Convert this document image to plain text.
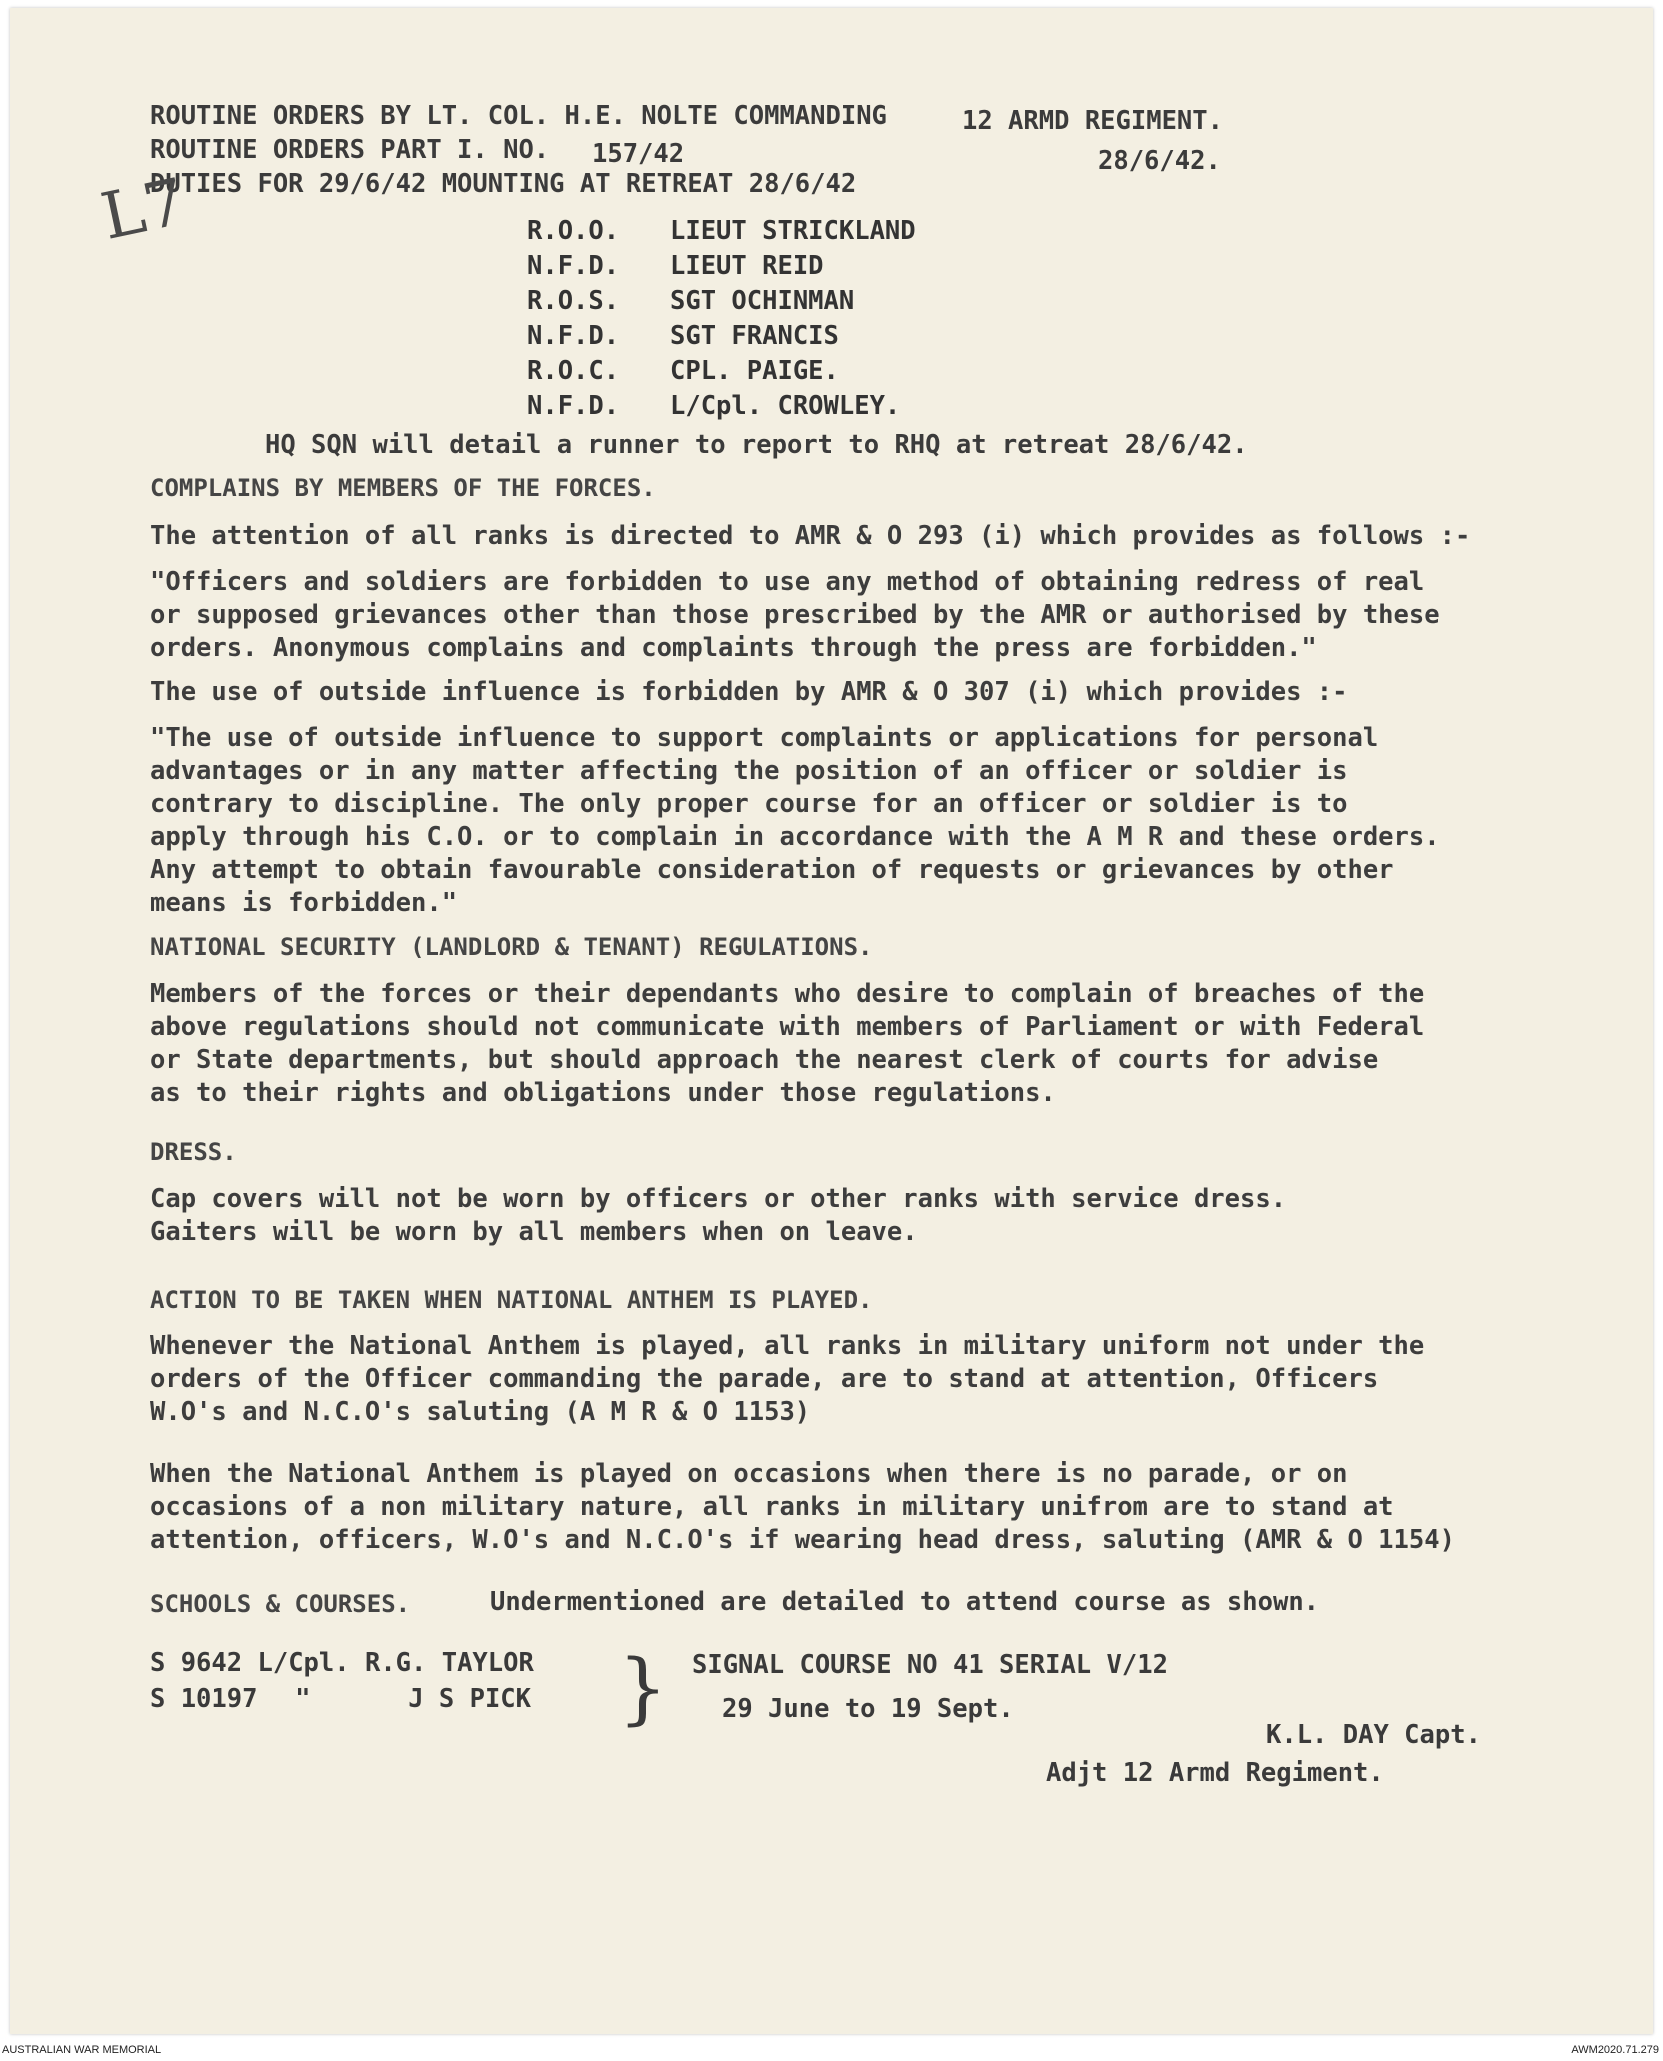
ROUTINE ORDERS BY LT. COL. H.E. NOLTE COMMANDING	12 ARMD REGIMENT.
ROUTINE ORDERS PART I. NO. 157/42	28/6/42.
DUTIES FOR 29/6/42 MOUNTING AT RETREAT 28/6/42
L7	R.O.O. LIEUT STRICKLAND
N.F.D. LIEUT REID
R.O.S. SGT OCHINMAN
N.F.D. SGT FRANCIS
R.O.C. CPL. PAIGE.
N.F.D. L/Cpl. CROWLEY.
HQ SQN will detail a runner to report to RHQ at retreat 28/6/42.
COMPLAINS BY MEMBERS OF THE FORCES.
The attention of all ranks is directed to AMR & O 293 (i) which provides as follows :-
"Officers and soldiers are forbidden to use any method of obtaining redress of real
or supposed grievances other than those prescribed by the AMR or authorised by these
orders. Anonymous complains and complaints through the press are forbidden."
The use of outside influence is forbidden by AMR & O 307 (i) which provides :-
"The use of outside influence to support complaints or applications for personal
advantages or in any matter affecting the position of an officer or soldier is
contrary to discipline. The only proper course for an officer or soldier is to
apply through his C.O. or to complain in accordance with the A M R and these orders.
Any attempt to obtain favourable consideration of requests or grievances by other
means is forbidden."
NATIONAL SECURITY (LANDLORD & TENANT) REGULATIONS.
Members of the forces or their dependants who desire to complain of breaches of the
above regulations should not communicate with members of Parliament or with Federal
or State departments, but should approach the nearest clerk of courts for advise
as to their rights and obligations under those regulations.
DRESS.
Cap covers will not be worn by officers or other ranks with service dress.
Gaiters will be worn by all members when on leave.
ACTION TO BE TAKEN WHEN NATIONAL ANTHEM IS PLAYED.
Whenever the National Anthem is played, all ranks in military uniform not under the
orders of the Officer commanding the parade, are to stand at attention, Officers
W.O's and N.C.O's saluting (A M R & O 1153)
When the National Anthem is played on occasions when there is no parade, or on
occasions of a non military nature, all ranks in military unifrom are to stand at
attention, officers, W.O's and N.C.O's if wearing head dress, saluting (AMR & O 1154)
SCHOOLS & COURSES.	Undermentioned are detailed to attend course as shown.
S 9642 L/Cpl. R.G. TAYLOR
S 10197 "	J S PICK } SIGNAL COURSE NO 41 SERIAL V/12
29 June to 19 Sept.
K.L. DAY Capt.
Adjt 12 Armd Regiment.
AUSTRALIAN WAR MEMORIAL	AWM2020.71.279
